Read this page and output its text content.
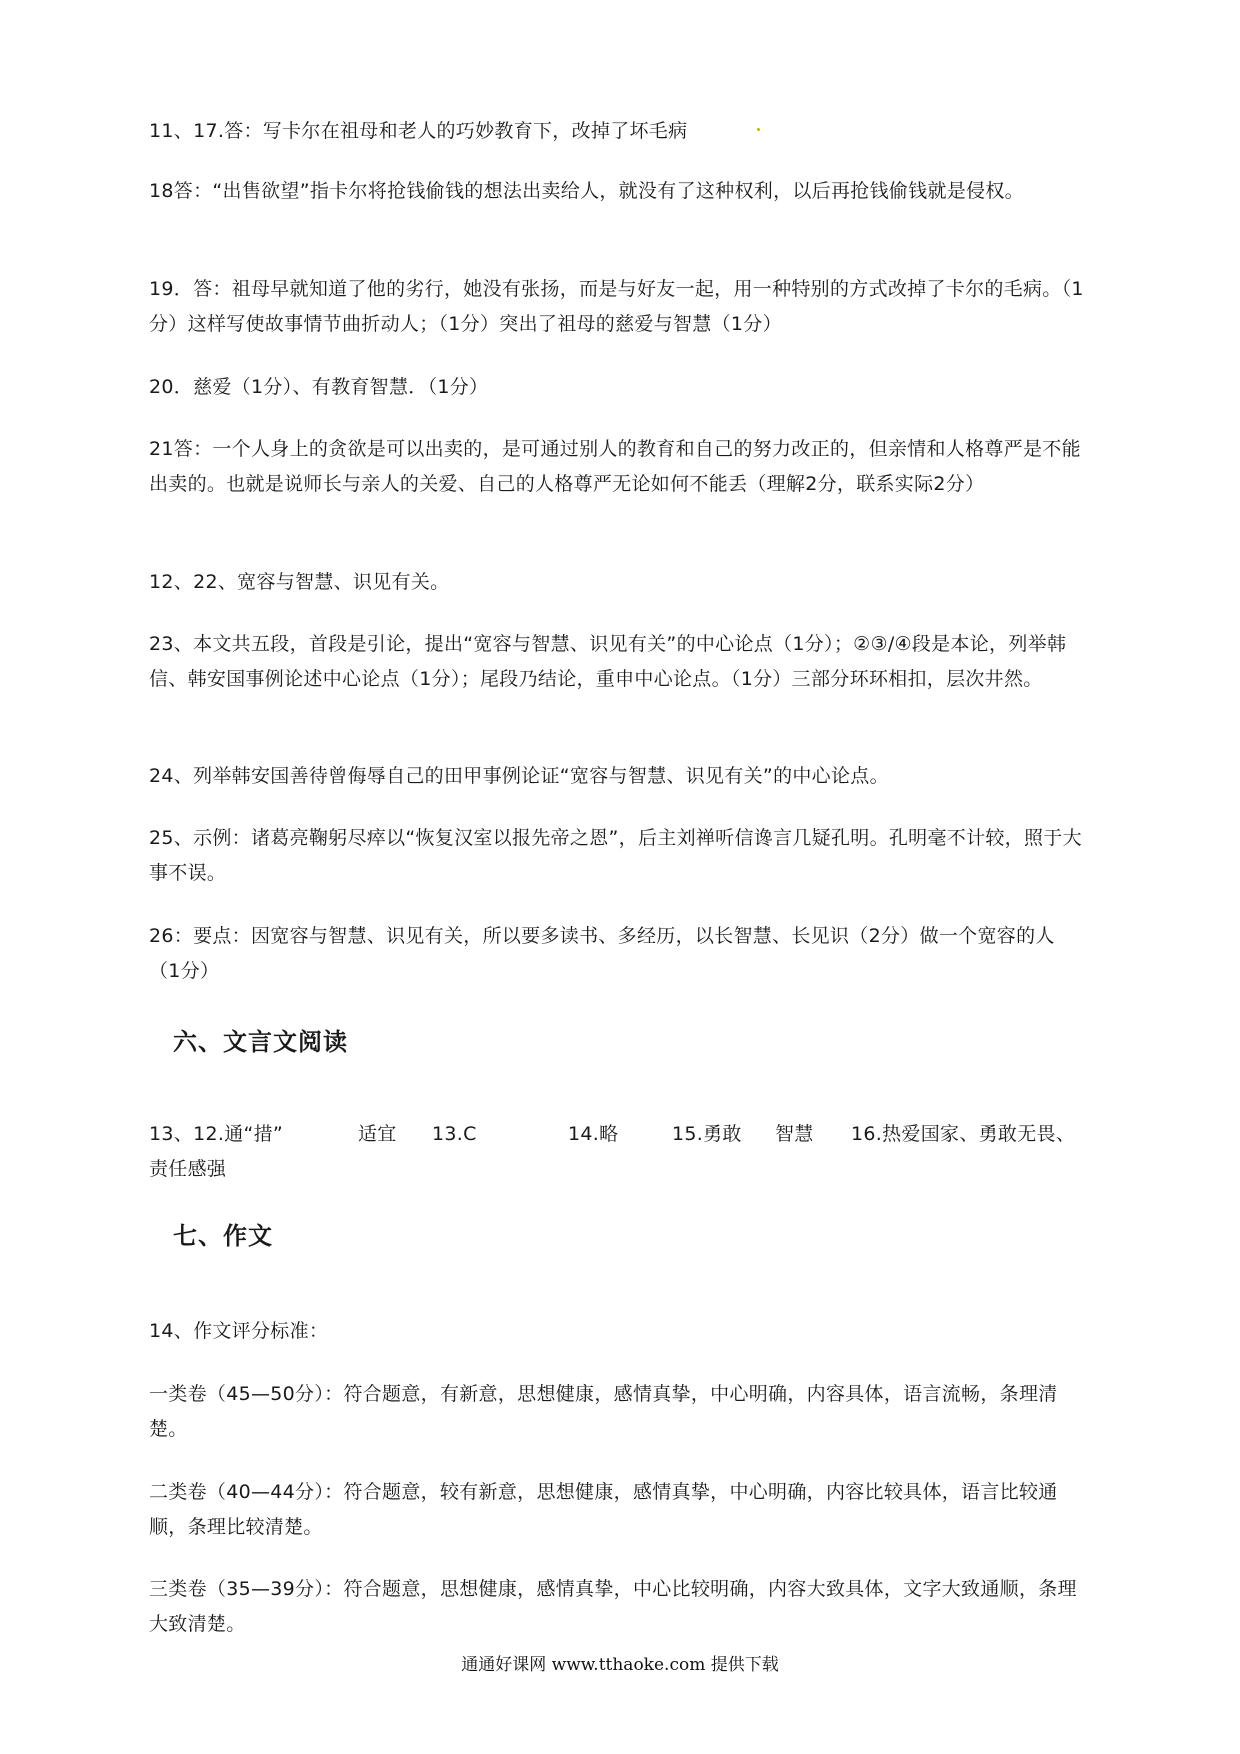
11、17.答：写卡尔在祖母和老人的巧妙教育下，改掉了坏毛病

18答：“出售欲望”指卡尔将抢钱偷钱的想法出卖给人，就没有了这种权利，以后再抢钱偷钱就是侵权。

19．答：祖母早就知道了他的劣行，她没有张扬，而是与好友一起，用一种特别的方式改掉了卡尔的毛病。（1分）这样写使故事情节曲折动人；（1分）突出了祖母的慈爱与智慧（1分）

20．慈爱（1分）、有教育智慧．（1分）

21答：一个人身上的贪欲是可以出卖的，是可通过别人的教育和自己的努力改正的，但亲情和人格尊严是不能出卖的。也就是说师长与亲人的关爱、自己的人格尊严无论如何不能丢（理解2分，联系实际2分）

12、22、宽容与智慧、识见有关。

23、本文共五段，首段是引论，提出“宽容与智慧、识见有关”的中心论点（1分）；②③/④段是本论，列举韩信、韩安国事例论述中心论点（1分）；尾段乃结论，重申中心论点。（1分）三部分环环相扣，层次井然。

24、列举韩安国善待曾侮辱自己的田甲事例论证“宽容与智慧、识见有关”的中心论点。

25、示例：诸葛亮鞠躬尽瘁以“恢复汉室以报先帝之恩”，后主刘禅听信谗言几疑孔明。孔明毫不计较，照于大事不误。

26：要点：因宽容与智慧、识见有关，所以要多读书、多经历，以长智慧、长见识（2分）做一个宽容的人（1分）

六、文言文阅读
13、12.通“措”	适宜 13.C	14.略	15.勇敢 智慧 16.热爱国家、勇敢无畏、

责任感强

七、作文

14、作文评分标准：

一类卷（45—50分）：符合题意，有新意，思想健康，感情真挚，中心明确，内容具体，语言流畅，条理清楚。

二类卷（40—44分）：符合题意，较有新意，思想健康，感情真挚，中心明确，内容比较具体，语言比较通顺，条理比较清楚。

三类卷（35—39分）：符合题意，思想健康，感情真挚，中心比较明确，内容大致具体，文字大致通顺，条理大致清楚。

通通好课网 www.tthaoke.com 提供下载
